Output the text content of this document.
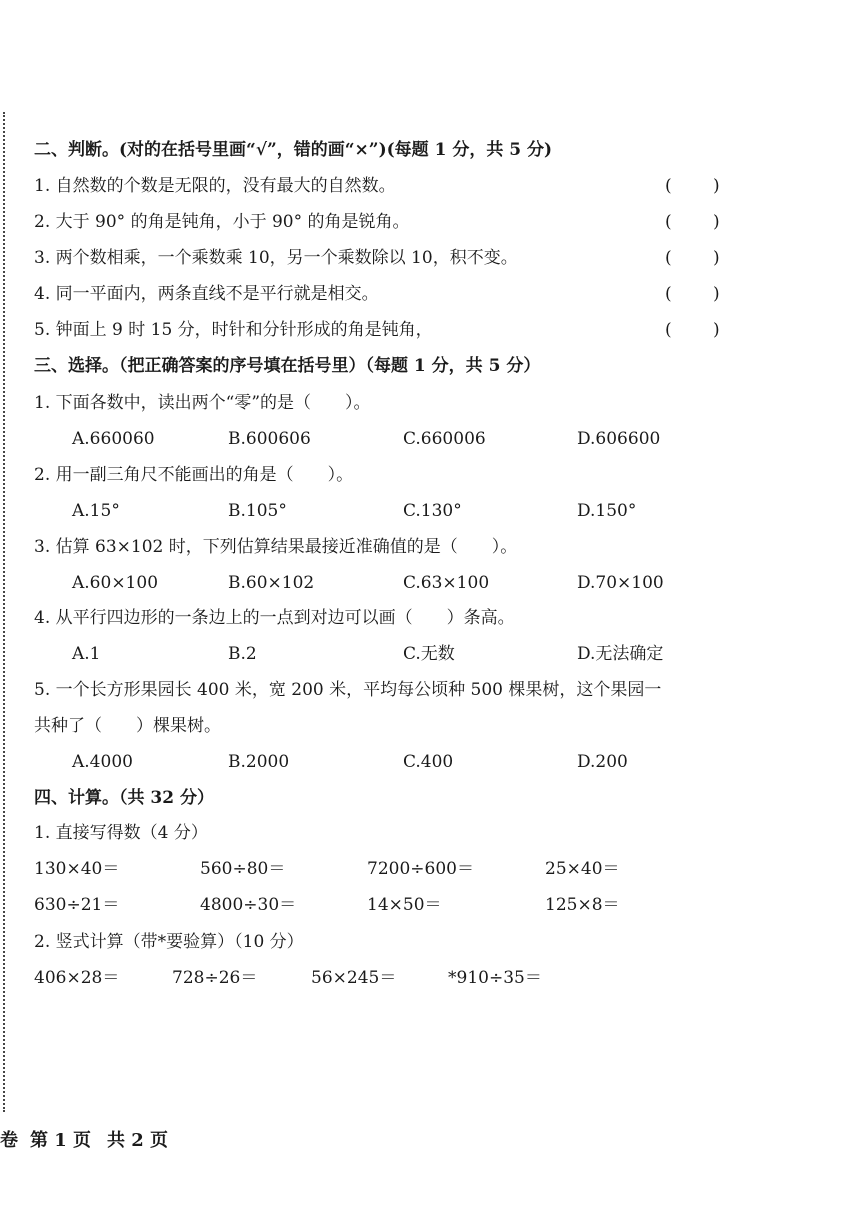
二、判断。(对的在括号里画“√”，错的画“×”)(每题 1 分，共 5 分)
1. 自然数的个数是无限的，没有最大的自然数。	( )
2. 大于 90° 的角是钝角，小于 90° 的角是锐角。	( )
3. 两个数相乘，一个乘数乘 10，另一个乘数除以 10，积不变。	( )
4. 同一平面内，两条直线不是平行就是相交。	( )
5. 钟面上 9 时 15 分，时针和分针形成的角是钝角，	( )
三、选择。（把正确答案的序号填在括号里）（每题 1 分，共 5 分）
1. 下面各数中，读出两个“零”的是（　　）。
A.660060	B.600606	C.660006	D.606600
2. 用一副三角尺不能画出的角是（　　）。
A.15°	B.105°	C.130°	D.150°
3. 估算 63×102 时，下列估算结果最接近准确值的是（　　）。
A.60×100	B.60×102	C.63×100	D.70×100
4. 从平行四边形的一条边上的一点到对边可以画（　　）条高。
A.1	B.2	C.无数	D.无法确定
5. 一个长方形果园长 400 米，宽 200 米，平均每公顷种 500 棵果树，这个果园一
共种了（　　）棵果树。
A.4000	B.2000	C.400	D.200
四、计算。（共 32 分）
1. 直接写得数（4 分）
130×40＝	560÷80＝	7200÷600＝	25×40＝
630÷21＝	4800÷30＝	14×50＝	125×8＝
2. 竖式计算（带*要验算）（10 分）
406×28＝	728÷26＝	56×245＝	*910÷35＝
卷 第 1 页 共 2 页
